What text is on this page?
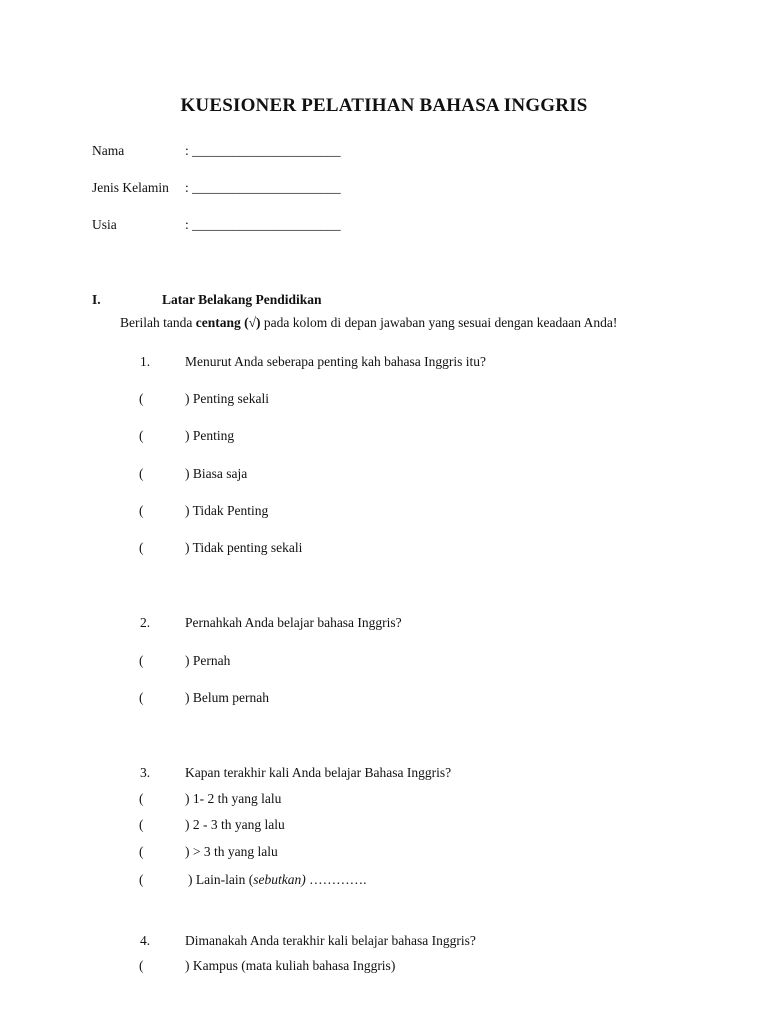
KUESIONER PELATIHAN BAHASA INGGRIS
Nama	: ______________________
Jenis Kelamin : ______________________
Usia	: ______________________
I.	Latar Belakang Pendidikan
Berilah tanda centang (√) pada kolom di depan jawaban yang sesuai dengan keadaan Anda!
1.	Menurut Anda seberapa penting kah bahasa Inggris itu?
(	) Penting sekali
(	) Penting
(	) Biasa saja
(	) Tidak Penting
(	) Tidak penting sekali
2.	Pernahkah Anda belajar bahasa Inggris?
(	) Pernah
(	) Belum pernah
3.	Kapan terakhir kali Anda belajar Bahasa Inggris?
(	) 1- 2 th yang lalu
(	) 2 - 3 th yang lalu
(	) > 3 th yang lalu
(	) Lain-lain (sebutkan) ………….
4.	Dimanakah Anda terakhir kali belajar bahasa Inggris?
(	) Kampus (mata kuliah bahasa Inggris)
